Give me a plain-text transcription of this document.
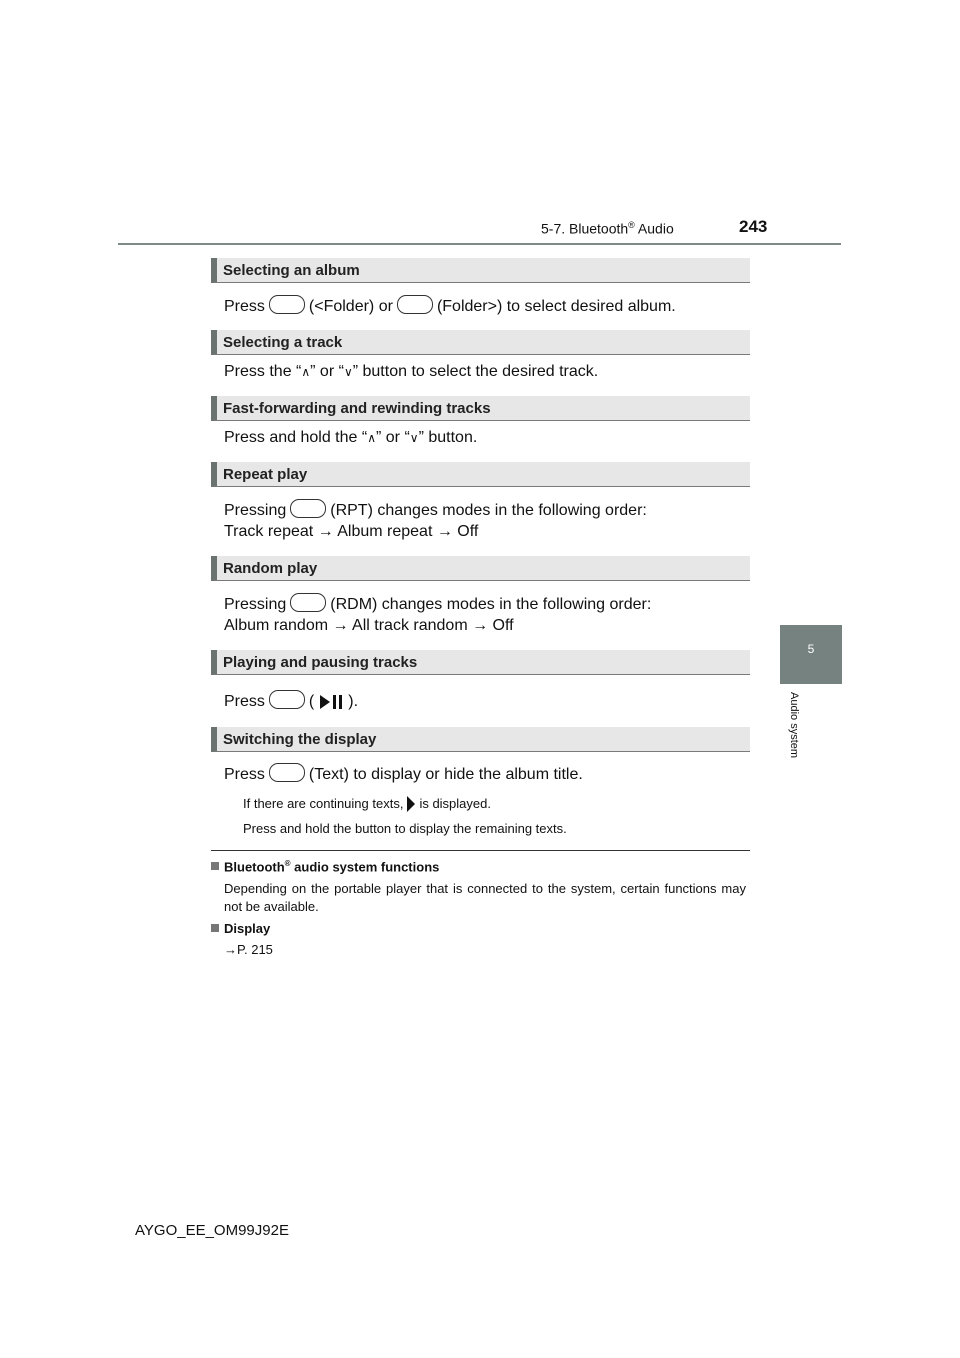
5-7. Bluetooth® Audio	243
5
Audio system
Selecting an album
Press	(<Folder) or	(Folder>) to select desired album.
Selecting a track
Press the “∧” or “∨” button to select the desired track.
Fast-forwarding and rewinding tracks
Press and hold the “∧” or “∨” button.
Repeat play
Pressing	(RPT) changes modes in the following order:
Track repeat → Album repeat → Off
Random play
Pressing	(RDM) changes modes in the following order:
Album random → All track random → Off
Playing and pausing tracks
Press	( ).
Switching the display
Press	(Text) to display or hide the album title.
If there are continuing texts, is displayed.
Press and hold the button to display the remaining texts.
Bluetooth® audio system functions
Depending on the portable player that is connected to the system, certain functions may not be available.
Display
→P. 215
AYGO_EE_OM99J92E
